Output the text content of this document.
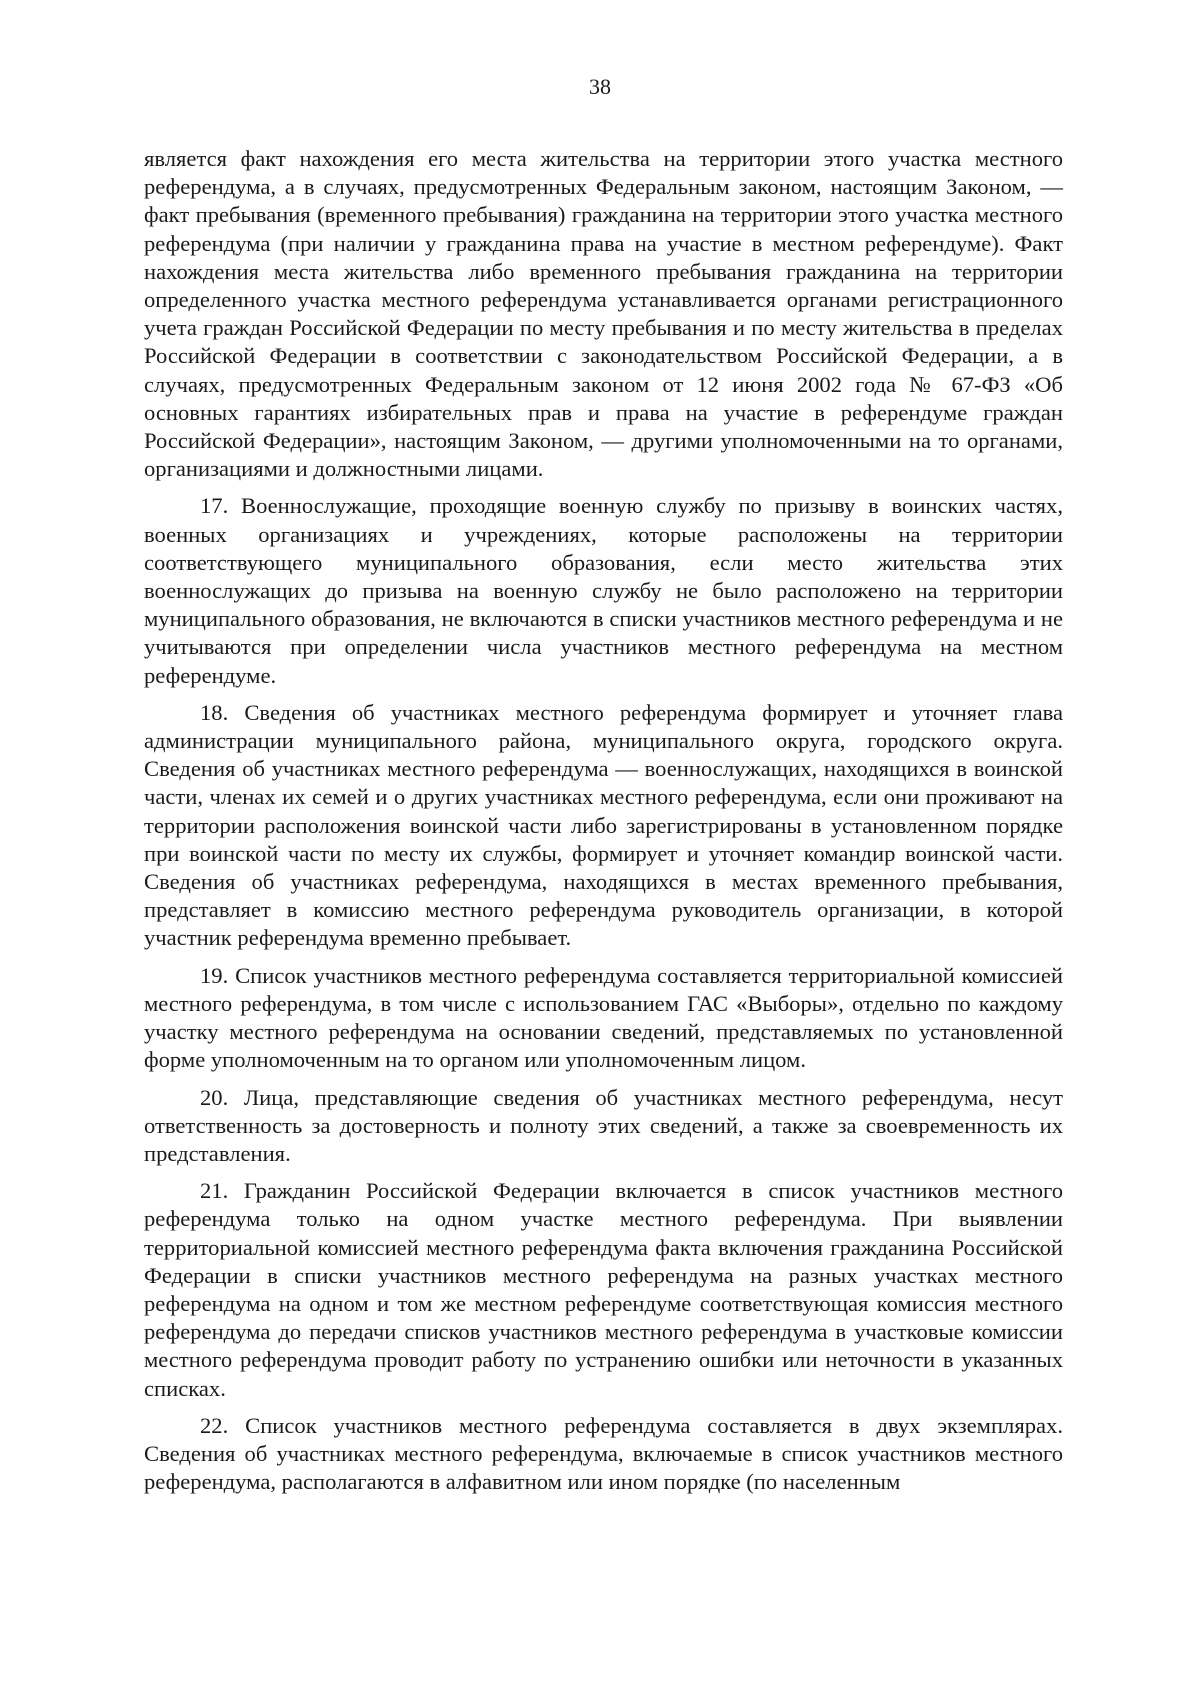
38

является факт нахождения его места жительства на территории этого участка местного референдума, а в случаях, предусмотренных Федеральным законом, настоящим Законом, — факт пребывания (временного пребывания) гражданина на территории этого участка местного референдума (при наличии у гражданина права на участие в местном референдуме). Факт нахождения места жительства либо временного пребывания гражданина на территории определенного участка местного референдума устанавливается органами регистрационного учета граждан Российской Федерации по месту пребывания и по месту жительства в пределах Российской Федерации в соответствии с законодательством Российской Федерации, а в случаях, предусмотренных Федеральным законом от 12 июня 2002 года № 67-ФЗ «Об основных гарантиях избирательных прав и права на участие в референдуме граждан Российской Федерации», настоящим Законом, — другими уполномоченными на то органами, организациями и должностными лицами.

17. Военнослужащие, проходящие военную службу по призыву в воинских частях, военных организациях и учреждениях, которые расположены на территории соответствующего муниципального образования, если место жительства этих военнослужащих до призыва на военную службу не было расположено на территории муниципального образования, не включаются в списки участников местного референдума и не учитываются при определении числа участников местного референдума на местном референдуме.

18. Сведения об участниках местного референдума формирует и уточняет глава администрации муниципального района, муниципального округа, городского округа. Сведения об участниках местного референдума — военнослужащих, находящихся в воинской части, членах их семей и о других участниках местного референдума, если они проживают на территории расположения воинской части либо зарегистрированы в установленном порядке при воинской части по месту их службы, формирует и уточняет командир воинской части. Сведения об участниках референдума, находящихся в местах временного пребывания, представляет в комиссию местного референдума руководитель организации, в которой участник референдума временно пребывает.

19. Список участников местного референдума составляется территориальной комиссией местного референдума, в том числе с использованием ГАС «Выборы», отдельно по каждому участку местного референдума на основании сведений, представляемых по установленной форме уполномоченным на то органом или уполномоченным лицом.

20. Лица, представляющие сведения об участниках местного референдума, несут ответственность за достоверность и полноту этих сведений, а также за своевременность их представления.

21. Гражданин Российской Федерации включается в список участников местного референдума только на одном участке местного референдума. При выявлении территориальной комиссией местного референдума факта включения гражданина Российской Федерации в списки участников местного референдума на разных участках местного референдума на одном и том же местном референдуме соответствующая комиссия местного референдума до передачи списков участников местного референдума в участковые комиссии местного референдума проводит работу по устранению ошибки или неточности в указанных списках.

22. Список участников местного референдума составляется в двух экземплярах. Сведения об участниках местного референдума, включаемые в список участников местного референдума, располагаются в алфавитном или ином порядке (по населенным
